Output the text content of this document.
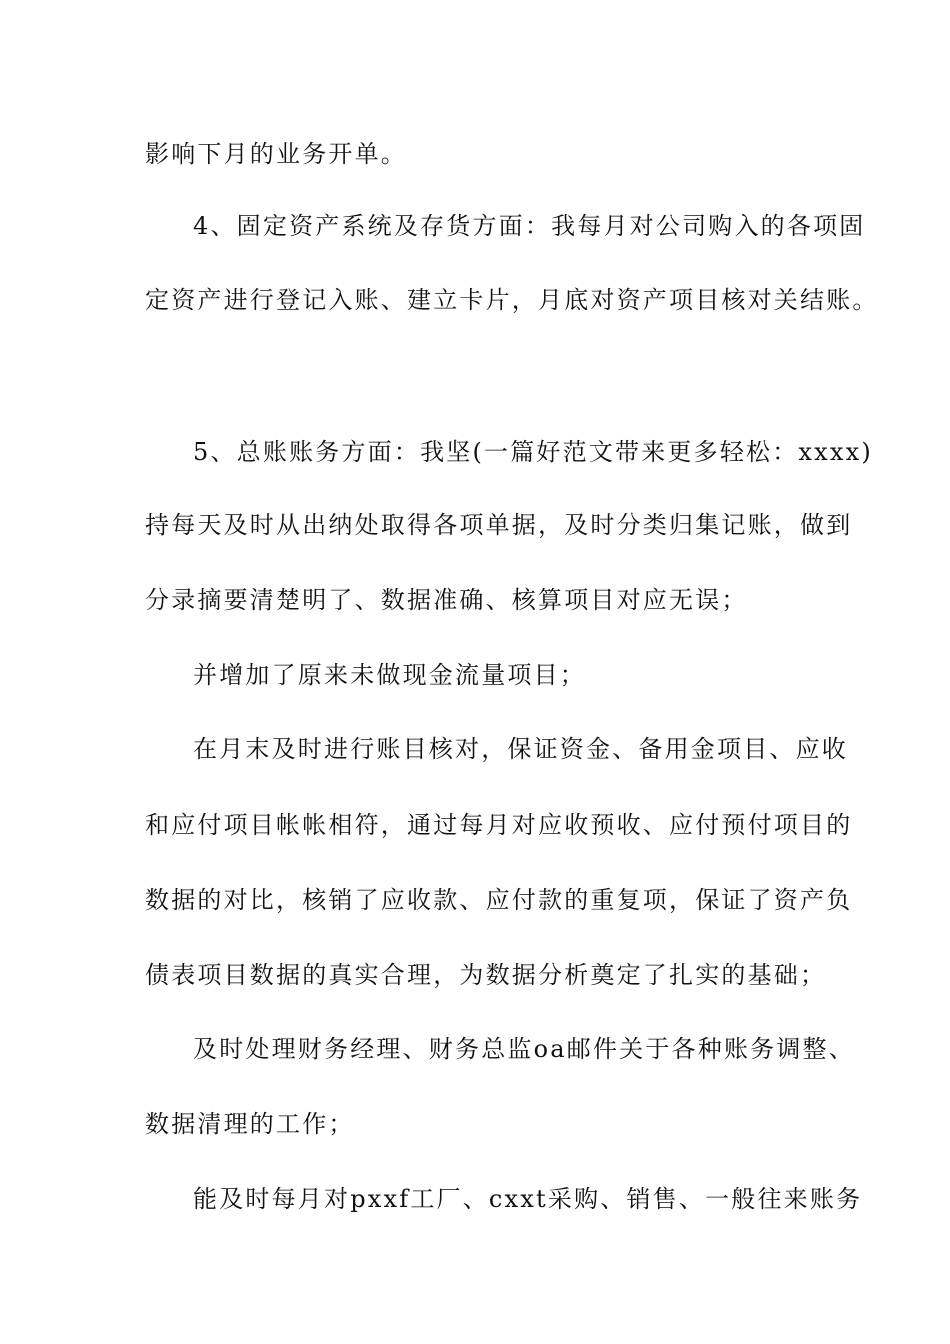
影响下月的业务开单。
4、固定资产系统及存货方面：我每月对公司购入的各项固
定资产进行登记入账、建立卡片，月底对资产项目核对关结账。
5、总账账务方面：我坚(一篇好范文带来更多轻松：xxxx)
持每天及时从出纳处取得各项单据，及时分类归集记账，做到
分录摘要清楚明了、数据准确、核算项目对应无误；
并增加了原来未做现金流量项目；
在月末及时进行账目核对，保证资金、备用金项目、应收
和应付项目帐帐相符，通过每月对应收预收、应付预付项目的
数据的对比，核销了应收款、应付款的重复项，保证了资产负
债表项目数据的真实合理，为数据分析奠定了扎实的基础；
及时处理财务经理、财务总监oa邮件关于各种账务调整、
数据清理的工作；
能及时每月对pxxf工厂、cxxt采购、销售、一般往来账务
